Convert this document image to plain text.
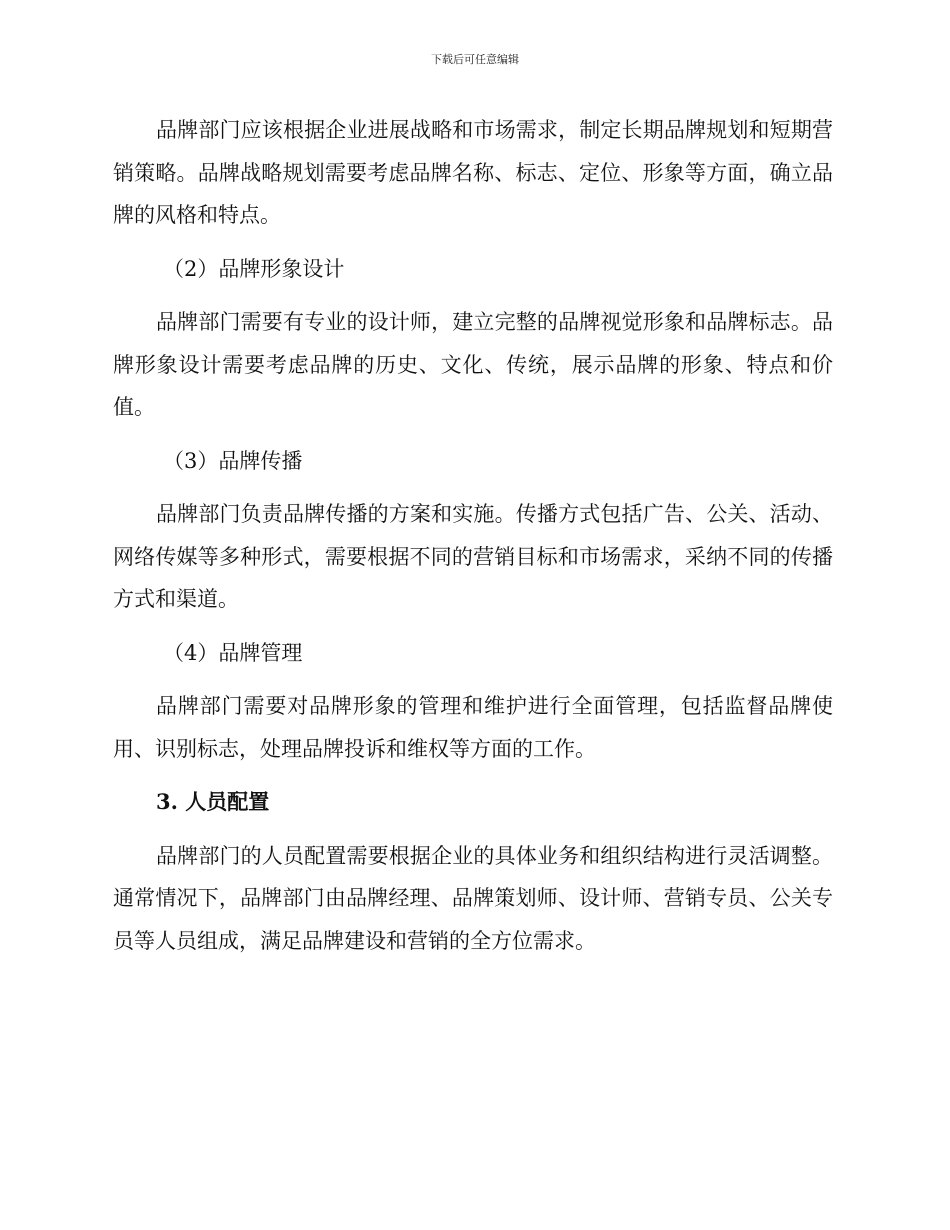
下载后可任意编辑

品牌部门应该根据企业进展战略和市场需求，制定长期品牌规划和短期营销策略。品牌战略规划需要考虑品牌名称、标志、定位、形象等方面，确立品牌的风格和特点。

（2）品牌形象设计

品牌部门需要有专业的设计师，建立完整的品牌视觉形象和品牌标志。品牌形象设计需要考虑品牌的历史、文化、传统，展示品牌的形象、特点和价值。

（3）品牌传播

品牌部门负责品牌传播的方案和实施。传播方式包括广告、公关、活动、网络传媒等多种形式，需要根据不同的营销目标和市场需求，采纳不同的传播方式和渠道。

（4）品牌管理

品牌部门需要对品牌形象的管理和维护进行全面管理，包括监督品牌使用、识别标志，处理品牌投诉和维权等方面的工作。

3. 人员配置

品牌部门的人员配置需要根据企业的具体业务和组织结构进行灵活调整。通常情况下，品牌部门由品牌经理、品牌策划师、设计师、营销专员、公关专员等人员组成，满足品牌建设和营销的全方位需求。
